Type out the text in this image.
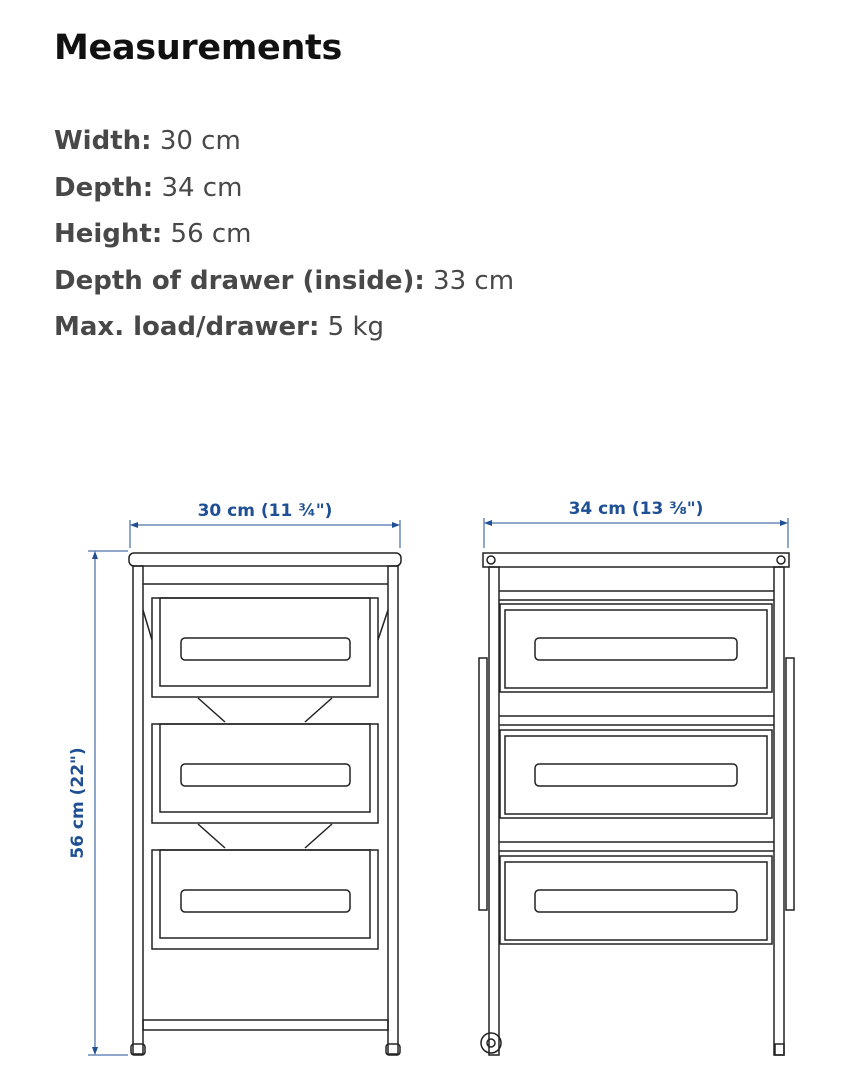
Measurements
Width: 30 cm
Depth: 34 cm
Height: 56 cm
Depth of drawer (inside): 33 cm
Max. load/drawer: 5 kg
30 cm (11 ¾")	34 cm (13 ⅜")
56 cm (22")
